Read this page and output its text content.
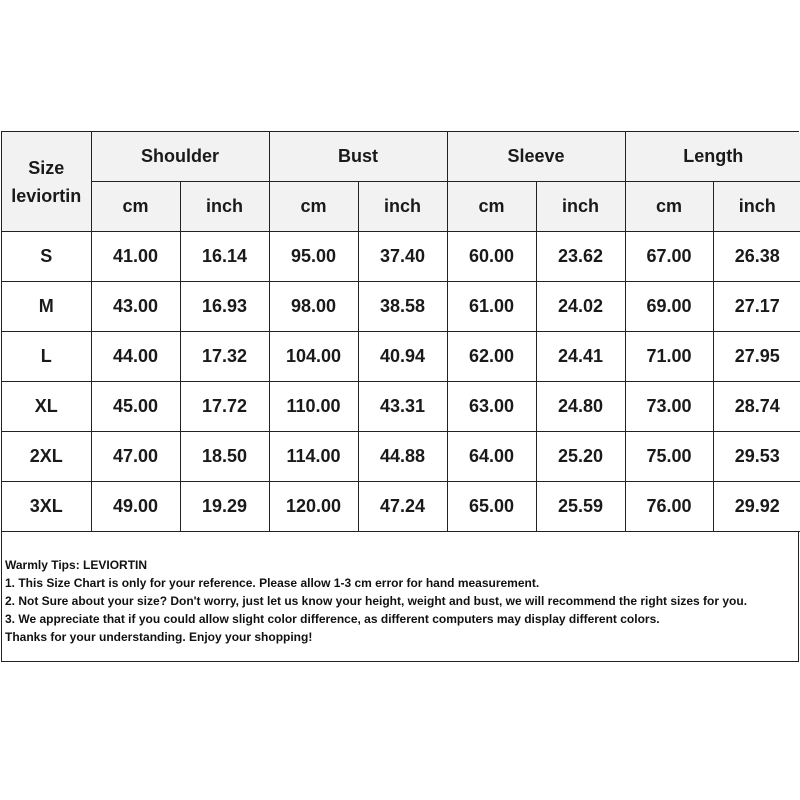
Size
leviortin	Shoulder		Bust		Sleeve		Length	
	cm	inch	cm	inch	cm	inch	cm	inch
S	41.00	16.14	95.00	37.40	60.00	23.62	67.00	26.38
M	43.00	16.93	98.00	38.58	61.00	24.02	69.00	27.17
L	44.00	17.32	104.00	40.94	62.00	24.41	71.00	27.95
XL	45.00	17.72	110.00	43.31	63.00	24.80	73.00	28.74
2XL	47.00	18.50	114.00	44.88	64.00	25.20	75.00	29.53
3XL	49.00	19.29	120.00	47.24	65.00	25.59	76.00	29.92
Warmly Tips: LEVIORTIN
1. This Size Chart is only for your reference. Please allow 1-3 cm error for hand measurement.
2. Not Sure about your size? Don't worry, just let us know your height, weight and bust, we will recommend the right sizes for you.
3. We appreciate that if you could allow slight color difference, as different computers may display different colors.
Thanks for your understanding. Enjoy your shopping!
